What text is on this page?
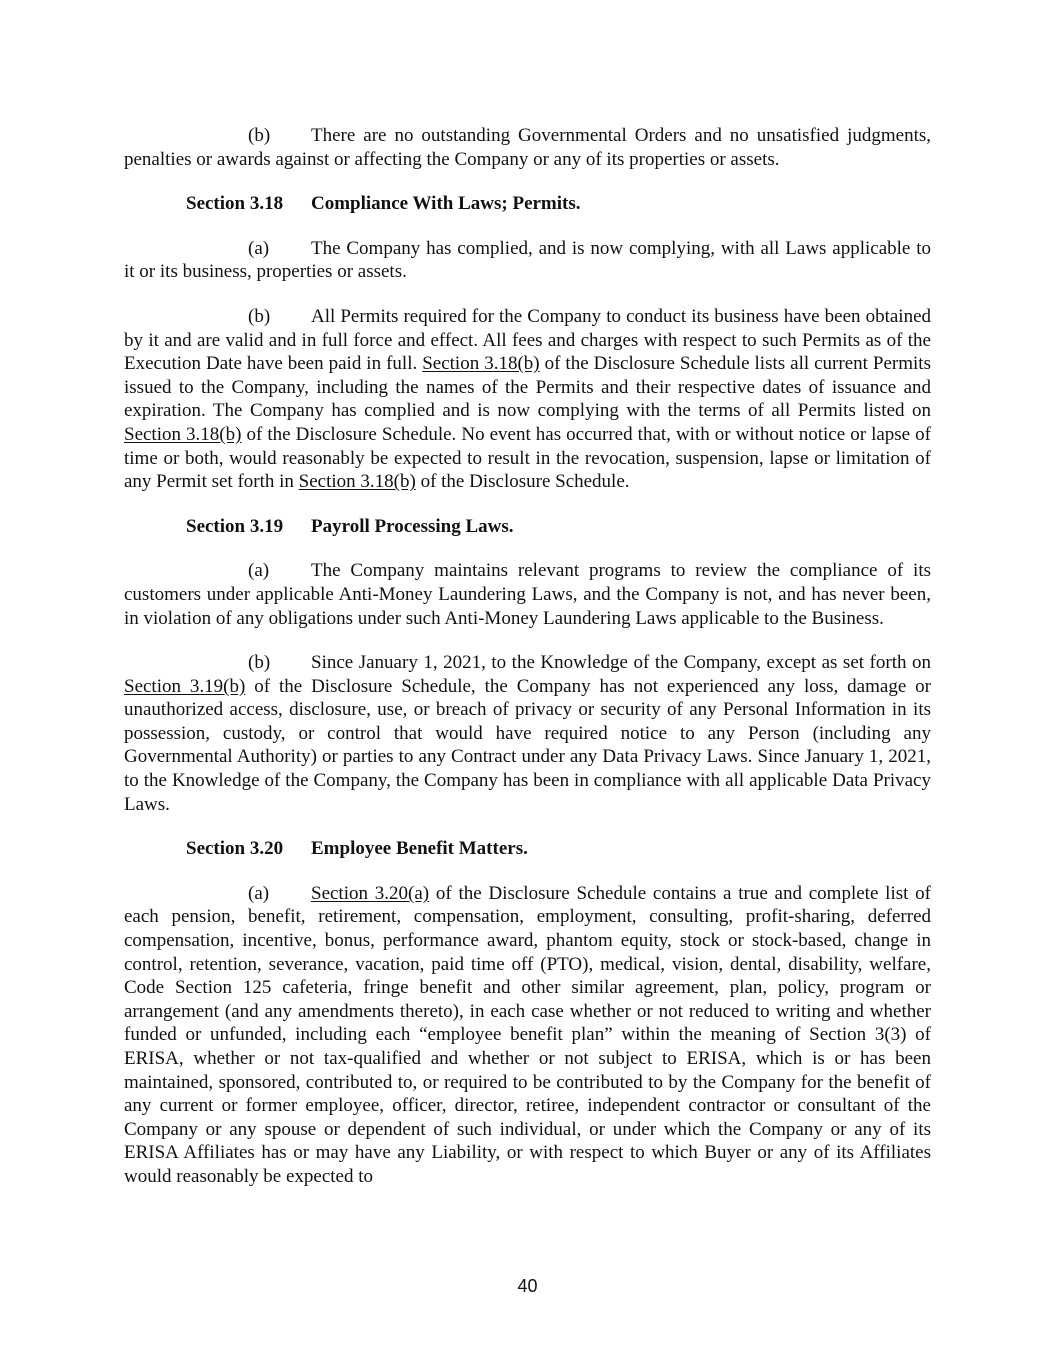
(b) There are no outstanding Governmental Orders and no unsatisfied judgments, penalties or awards against or affecting the Company or any of its properties or assets.

Section 3.18 Compliance With Laws; Permits.

(a) The Company has complied, and is now complying, with all Laws applicable to it or its business, properties or assets.

(b) All Permits required for the Company to conduct its business have been obtained by it and are valid and in full force and effect. All fees and charges with respect to such Permits as of the Execution Date have been paid in full. Section 3.18(b) of the Disclosure Schedule lists all current Permits issued to the Company, including the names of the Permits and their respective dates of issuance and expiration. The Company has complied and is now complying with the terms of all Permits listed on Section 3.18(b) of the Disclosure Schedule. No event has occurred that, with or without notice or lapse of time or both, would reasonably be expected to result in the revocation, suspension, lapse or limitation of any Permit set forth in Section 3.18(b) of the Disclosure Schedule.

Section 3.19 Payroll Processing Laws.

(a) The Company maintains relevant programs to review the compliance of its customers under applicable Anti-Money Laundering Laws, and the Company is not, and has never been, in violation of any obligations under such Anti-Money Laundering Laws applicable to the Business.

(b) Since January 1, 2021, to the Knowledge of the Company, except as set forth on Section 3.19(b) of the Disclosure Schedule, the Company has not experienced any loss, damage or unauthorized access, disclosure, use, or breach of privacy or security of any Personal Information in its possession, custody, or control that would have required notice to any Person (including any Governmental Authority) or parties to any Contract under any Data Privacy Laws. Since January 1, 2021, to the Knowledge of the Company, the Company has been in compliance with all applicable Data Privacy Laws.

Section 3.20 Employee Benefit Matters.

(a) Section 3.20(a) of the Disclosure Schedule contains a true and complete list of each pension, benefit, retirement, compensation, employment, consulting, profit-sharing, deferred compensation, incentive, bonus, performance award, phantom equity, stock or stock-based, change in control, retention, severance, vacation, paid time off (PTO), medical, vision, dental, disability, welfare, Code Section 125 cafeteria, fringe benefit and other similar agreement, plan, policy, program or arrangement (and any amendments thereto), in each case whether or not reduced to writing and whether funded or unfunded, including each “employee benefit plan” within the meaning of Section 3(3) of ERISA, whether or not tax-qualified and whether or not subject to ERISA, which is or has been maintained, sponsored, contributed to, or required to be contributed to by the Company for the benefit of any current or former employee, officer, director, retiree, independent contractor or consultant of the Company or any spouse or dependent of such individual, or under which the Company or any of its ERISA Affiliates has or may have any Liability, or with respect to which Buyer or any of its Affiliates would reasonably be expected to

40
